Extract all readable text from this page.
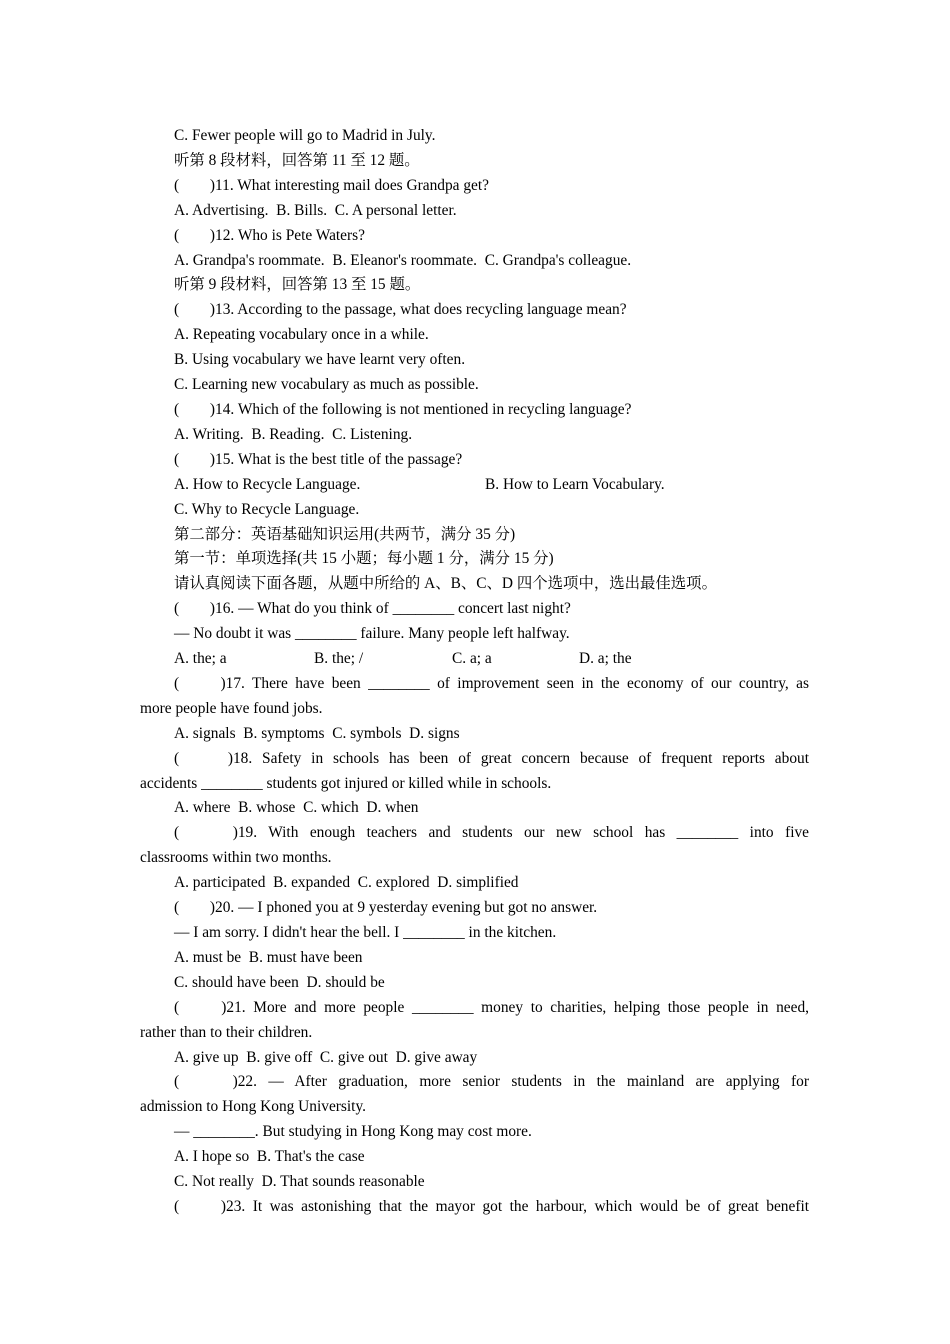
C. Fewer people will go to Madrid in July.
听第 8 段材料，回答第 11 至 12 题。
(　　)11. What interesting mail does Grandpa get?
A. Advertising.  B. Bills.  C. A personal letter.
(　　)12. Who is Pete Waters?
A. Grandpa's roommate.  B. Eleanor's roommate.  C. Grandpa's colleague.
听第 9 段材料，回答第 13 至 15 题。
(　　)13. According to the passage, what does recycling language mean?
A. Repeating vocabulary once in a while.
B. Using vocabulary we have learnt very often.
C. Learning new vocabulary as much as possible.
(　　)14. Which of the following is not mentioned in recycling language?
A. Writing.  B. Reading.  C. Listening.
(　　)15. What is the best title of the passage?
A. How to Recycle Language.	B. How to Learn Vocabulary.
C. Why to Recycle Language.
第二部分：英语基础知识运用(共两节，满分 35 分)
第一节：单项选择(共 15 小题；每小题 1 分，满分 15 分)
请认真阅读下面各题，从题中所给的 A、B、C、D 四个选项中，选出最佳选项。
(　　)16. — What do you think of ________ concert last night?
— No doubt it was ________ failure. Many people left halfway.
A. the; a	B. the; /	C. a; a	D. a; the
(　　)17. There have been ________ of improvement seen in the economy of our country, as
more people have found jobs.
A. signals  B. symptoms  C. symbols  D. signs
(　　)18. Safety in schools has been of great concern because of frequent reports about
accidents ________ students got injured or killed while in schools.
A. where  B. whose  C. which  D. when
(　　)19. With enough teachers and students our new school has ________ into five
classrooms within two months.
A. participated  B. expanded  C. explored  D. simplified
(　　)20. — I phoned you at 9 yesterday evening but got no answer.
— I am sorry. I didn't hear the bell. I ________ in the kitchen.
A. must be  B. must have been
C. should have been  D. should be
(　　)21. More and more people ________ money to charities, helping those people in need,
rather than to their children.
A. give up  B. give off  C. give out  D. give away
(　　)22. — After graduation, more senior students in the mainland are applying for
admission to Hong Kong University.
— ________. But studying in Hong Kong may cost more.
A. I hope so  B. That's the case
C. Not really  D. That sounds reasonable
(　　)23. It was astonishing that the mayor got the harbour, which would be of great benefit
